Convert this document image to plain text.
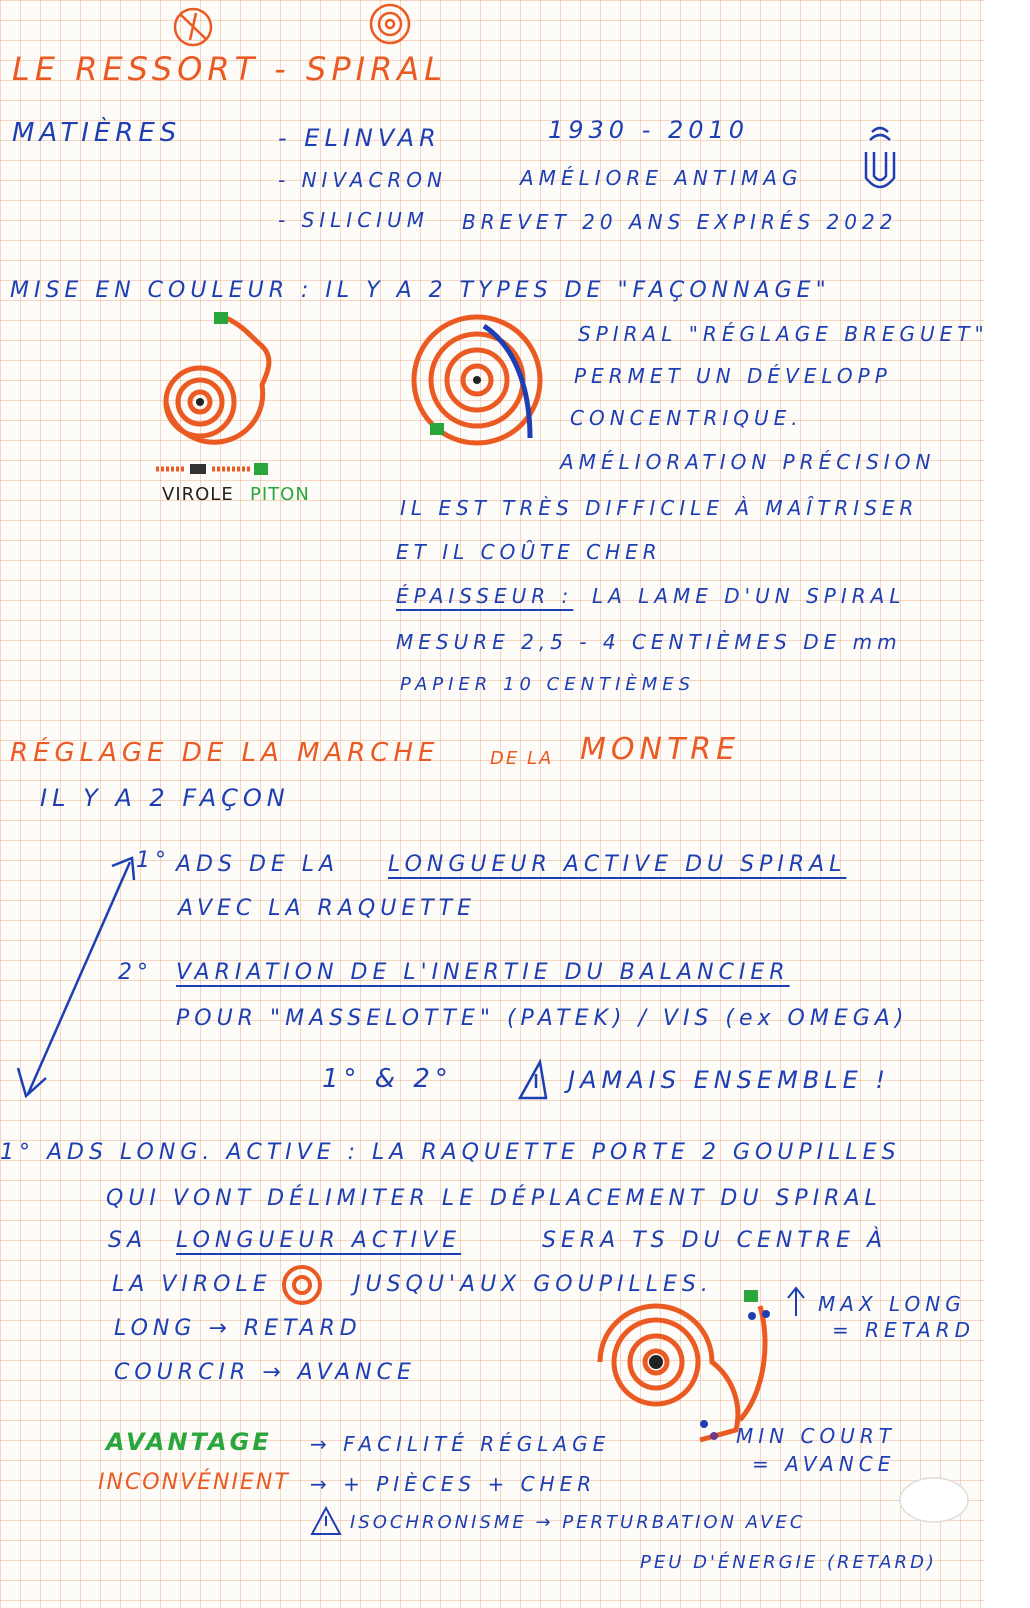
LE RESSORT - SPIRAL
MATIÈRES	- ELINVAR	1930 - 2010
- NIVACRON	AMÉLIORE ANTIMAG
- SILICIUM BREVET 20 ANS EXPIRÉS 2022
MISE EN COULEUR : IL Y A 2 TYPES DE "FAÇONNAGE"
SPIRAL "RÉGLAGE BREGUET"
PERMET UN DÉVELOPP
CONCENTRIQUE.
AMÉLIORATION PRÉCISION
VIROLE PITON
IL EST TRÈS DIFFICILE À MAÎTRISER
ET IL COÛTE CHER
ÉPAISSEUR : LA LAME D'UN SPIRAL
MESURE 2,5 - 4 CENTIÈMES DE mm
PAPIER 10 CENTIÈMES
RÉGLAGE DE LA MARCHE	DE LA MONTRE
IL Y A 2 FAÇON
1° ADS DE LA LONGUEUR ACTIVE DU SPIRAL
AVEC LA RAQUETTE
2° VARIATION DE L'INERTIE DU BALANCIER
POUR "MASSELOTTE" (PATEK) / VIS (ex OMEGA)
1° & 2°	JAMAIS ENSEMBLE !
1° ADS LONG. ACTIVE : LA RAQUETTE PORTE 2 GOUPILLES
QUI VONT DÉLIMITER LE DÉPLACEMENT DU SPIRAL
SA LONGUEUR ACTIVE	SERA TS DU CENTRE À
LA VIROLE	JUSQU'AUX GOUPILLES.
LONG → RETARD
COURCIR → AVANCE
MAX LONG
= RETARD
MIN COURT
= AVANCE
AVANTAGE → FACILITÉ RÉGLAGE
INCONVÉNIENT → + PIÈCES + CHER
ISOCHRONISME → PERTURBATION AVEC
PEU D'ÉNERGIE (RETARD)
